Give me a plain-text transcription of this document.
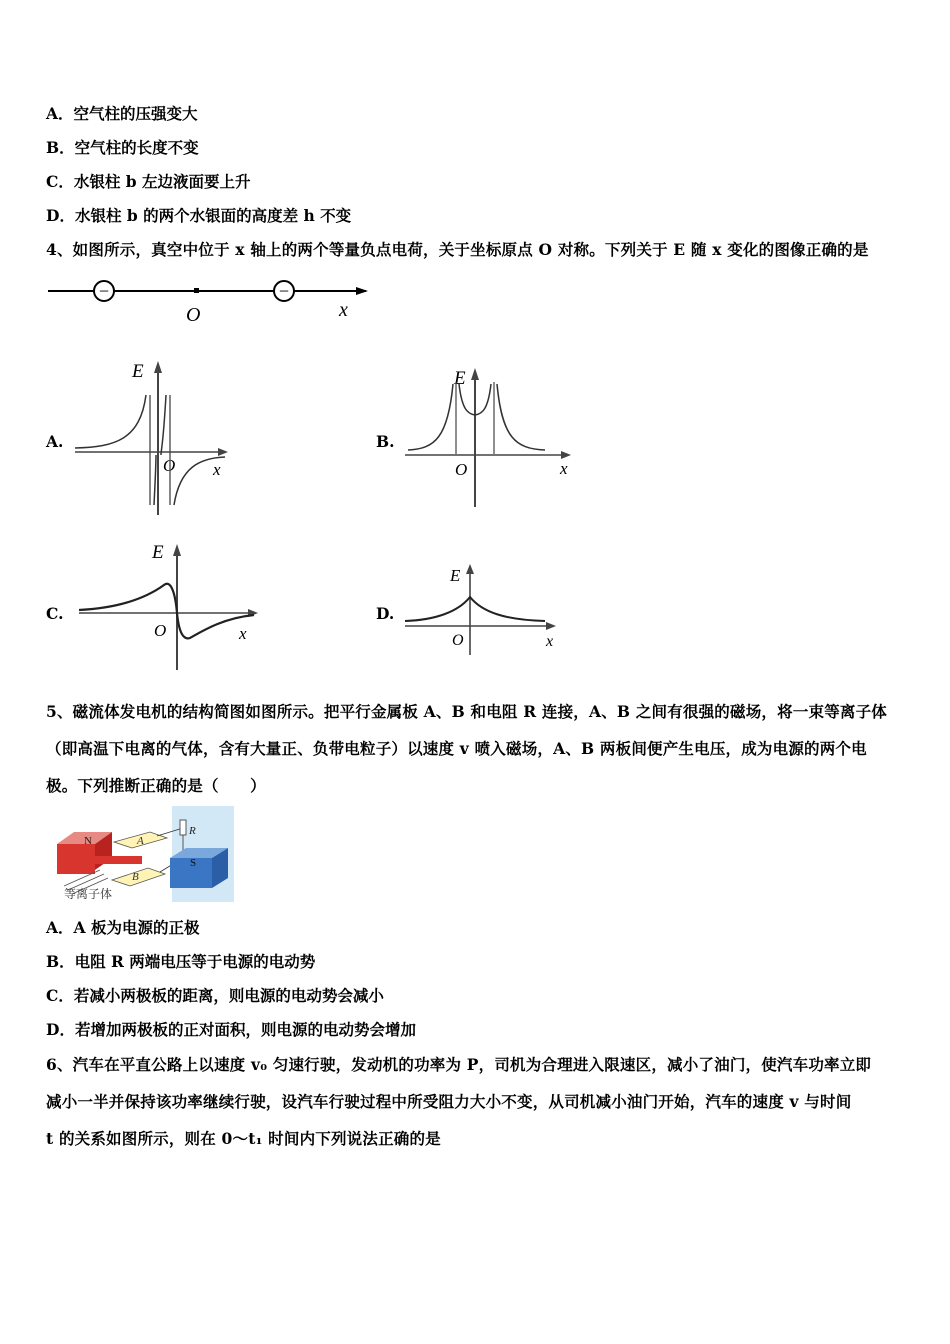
A．空气柱的压强变大
B．空气柱的长度不变
C．水银柱 b 左边液面要上升
D．水银柱 b 的两个水银面的高度差 h 不变
4、如图所示，真空中位于 x 轴上的两个等量负点电荷，关于坐标原点 O 对称。下列关于 E 随 x 变化的图像正确的是
−	−
O	x
A.
E
O x
B.
E
O	x
C.
E
O	x
D.
E
O	x
5、磁流体发电机的结构简图如图所示。把平行金属板 A、B 和电阻 R 连接，A、B 之间有很强的磁场，将一束等离子体
（即高温下电离的气体，含有大量正、负带电粒子）以速度 v 喷入磁场，A、B 两板间便产生电压，成为电源的两个电
极。下列推断正确的是（　　）
N	A
B
R
S
等离子体
A．A 板为电源的正极
B．电阻 R 两端电压等于电源的电动势
C．若减小两极板的距离，则电源的电动势会减小
D．若增加两极板的正对面积，则电源的电动势会增加
6、汽车在平直公路上以速度 v₀ 匀速行驶，发动机的功率为 P，司机为合理进入限速区，减小了油门，使汽车功率立即
减小一半并保持该功率继续行驶，设汽车行驶过程中所受阻力大小不变，从司机减小油门开始，汽车的速度 v 与时间
t 的关系如图所示，则在 0～t₁ 时间内下列说法正确的是
